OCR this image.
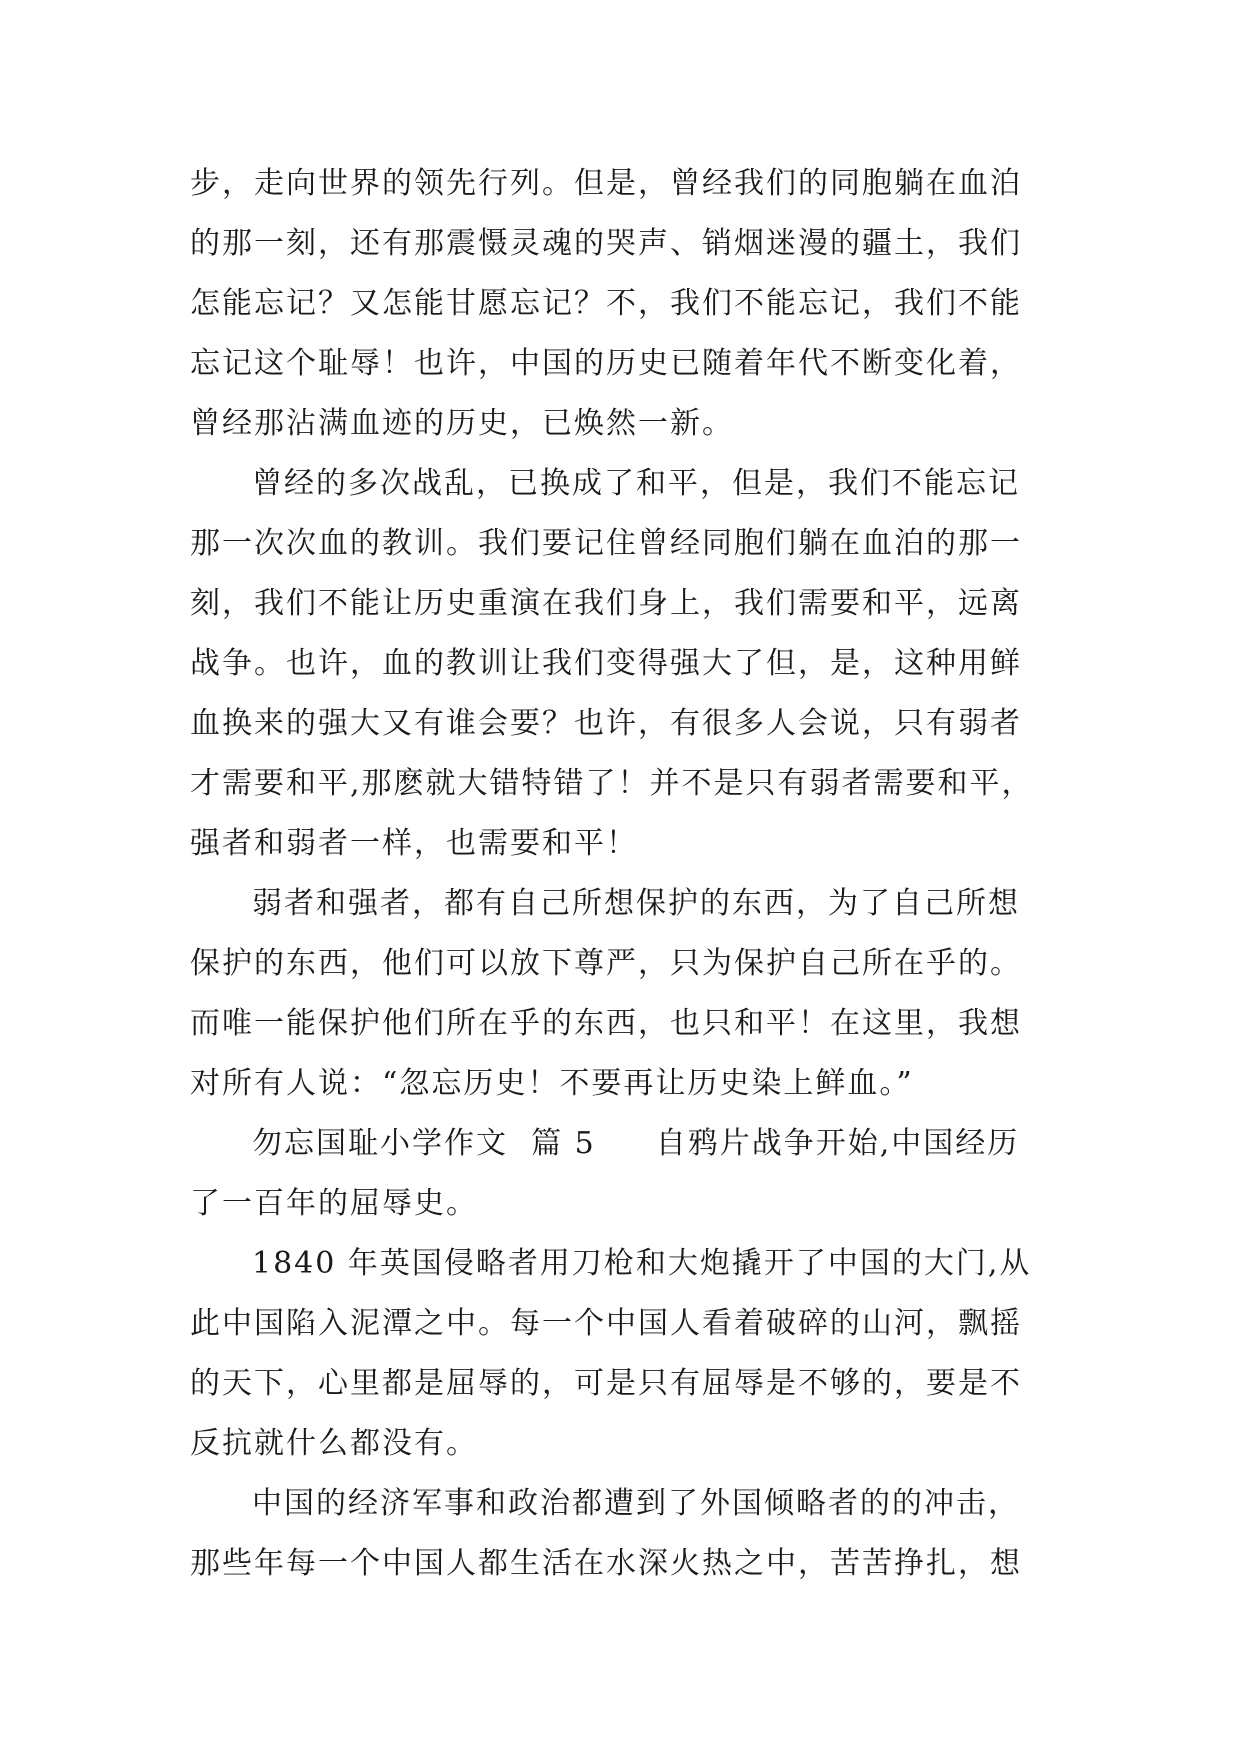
步，走向世界的领先行列。但是，曾经我们的同胞躺在血泊
的那一刻，还有那震慑灵魂的哭声、销烟迷漫的疆土，我们
怎能忘记？又怎能甘愿忘记？不，我们不能忘记，我们不能
忘记这个耻辱！也许，中国的历史已随着年代不断变化着，
曾经那沾满血迹的历史，已焕然一新。
曾经的多次战乱，已换成了和平，但是，我们不能忘记
那一次次血的教训。我们要记住曾经同胞们躺在血泊的那一
刻，我们不能让历史重演在我们身上，我们需要和平，远离
战争。也许，血的教训让我们变得强大了但，是，这种用鲜
血换来的强大又有谁会要？也许，有很多人会说，只有弱者
才需要和平,那麽就大错特错了！并不是只有弱者需要和平，
强者和弱者一样，也需要和平！
弱者和强者，都有自己所想保护的东西，为了自己所想
保护的东西，他们可以放下尊严，只为保护自己所在乎的。
而唯一能保护他们所在乎的东西，也只和平！在这里，我想
对所有人说：“忽忘历史！不要再让历史染上鲜血。”
勿忘国耻小学作文 篇 5 自鸦片战争开始,中国经历
了一百年的屈辱史。
1840 年英国侵略者用刀枪和大炮撬开了中国的大门,从
此中国陷入泥潭之中。每一个中国人看着破碎的山河，飘摇
的天下，心里都是屈辱的，可是只有屈辱是不够的，要是不
反抗就什么都没有。
中国的经济军事和政治都遭到了外国倾略者的的冲击，
那些年每一个中国人都生活在水深火热之中，苦苦挣扎，想
